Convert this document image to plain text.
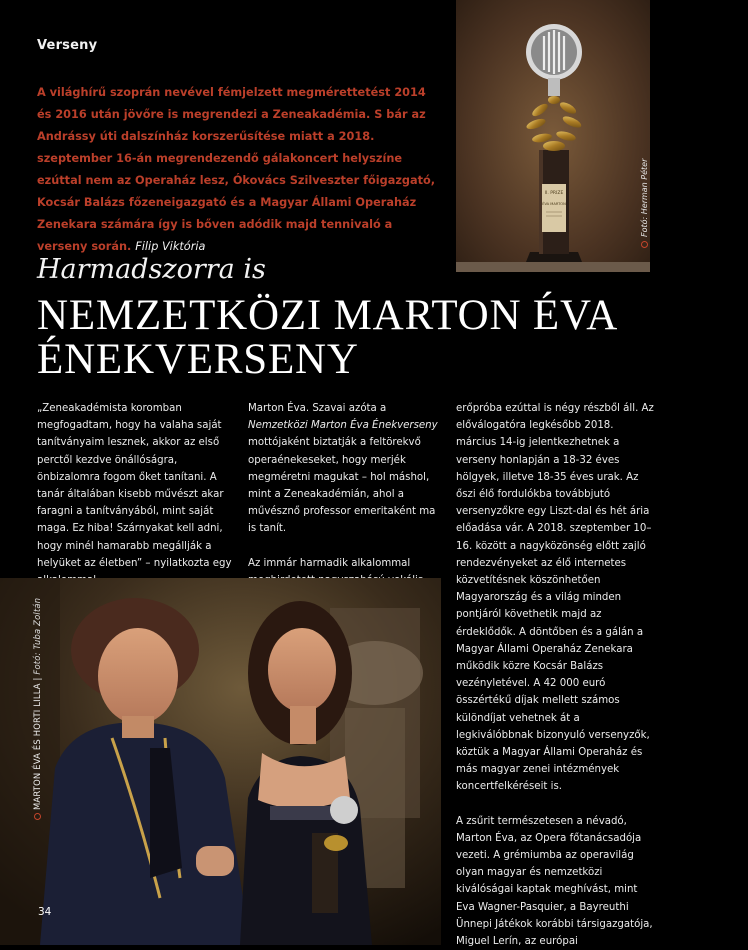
Verseny

A világhírű szoprán nevével fémjelzett megmérettetést 2014 és 2016 után jövőre is megrendezi a Zeneakadémia. S bár az Andrássy úti dalszínház korszerűsítése miatt a 2018. szeptember 16-án megrendezendő gálakoncert helyszíne ezúttal nem az Operaház lesz, Ókovács Szilveszter főigazgató, Kocsár Balázs főzeneigazgató és a Magyar Állami Operaház Zenekara számára így is bőven adódik majd tennivaló a verseny során. Filip Viktória

II. PRIZE
ÉVA MARTON	Fotó: Herman Péter
Harmadszorra is
NEMZETKÖZI MARTON ÉVA
ÉNEKVERSENY

„Zeneakadémista koromban megfogadtam, hogy ha valaha saját tanítványaim lesznek, akkor az első perctől kezdve önállóságra, önbizalomra fogom őket tanítani. A tanár általában kisebb művészt akar faragni a tanítványából, mint saját maga. Ez hiba! Szárnyakat kell adni, hogy minél hamarabb megállják a helyüket az életben” – nyilatkozta egy

Marton Éva. Szavai azóta a Nemzetközi Marton Éva Énekverseny mottójaként biztatják a feltörekvő operaénekeseket, hogy merjék megméretni magukat – hol máshol, mint a Zeneakadémián, ahol a művésznő professor emeritaként ma is tanít.

Az immár harmadik alkalommal

erőpróba ezúttal is négy részből áll. Az előválogatóra legkésőbb 2018. március 14-ig jelentkezhetnek a verseny honlapján a 18-32 éves hölgyek, illetve 18-35 éves urak. Az őszi élő fordulókba továbbjutó versenyzőkre egy Liszt-dal és hét ária előadása vár. A 2018. szeptember 10–16. között a nagyközönség előtt zajló rendezvényeket az élő internetes közvetítésnek köszönhetően Magyarország és a világ minden pontjáról követhetik majd az érdeklődők. A döntőben és a gálán a Magyar Állami Operaház Zenekara működik közre Kocsár Balázs vezényletével. A 42 000 euró összértékű díjak mellett számos különdíjat vehetnek át a legkiválóbbnak bizonyuló versenyzők, köztük a Magyar Állami Operaház és más magyar zenei intézmények koncertfelkéréseit is.

A zsűrit természetesen a névadó, Marton Éva, az Opera főtanácsadója vezeti. A grémiumba az operavilág olyan magyar és nemzetközi kiválóságai kaptak meghívást, mint Eva Wagner-Pasquier, a Bayreuthi Ünnepi Játékok korábbi társigazgatója, Miguel Lerín, az európai

MARTON ÉVA ÉS HORTI LILLA | Fotó: Tuba Zoltán
34
